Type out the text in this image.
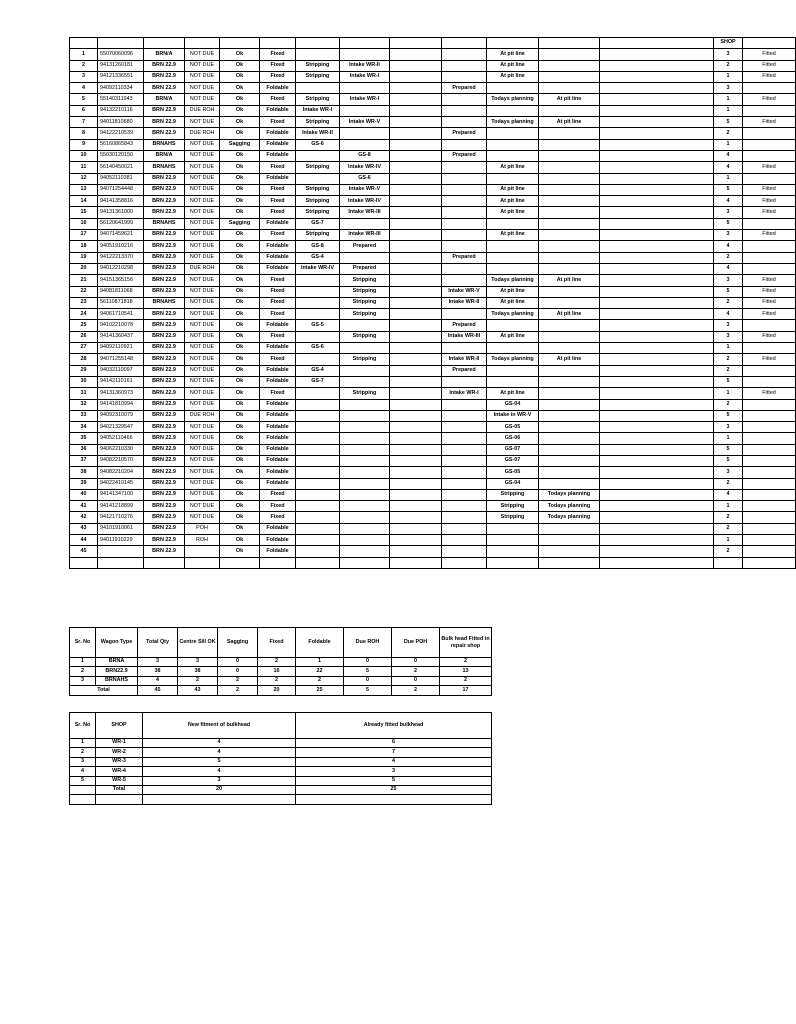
													SHOP	
1	55070060096	BRN/A	NOT DUE	Ok	Fixed					At pit line			3	Fitted
2	94131260181	BRN 22.9	NOT DUE	Ok	Fixed	Stripping	Intake WR-II			At pit line			2	Fitted
3	94121336551	BRN 22.9	NOT DUE	Ok	Fixed	Stripping	Intake WR-I			At pit line			1	Fitted
4	94092110334	BRN 22.9	NOT DUE	Ok	Foldable				Prepared				3	
5	55140311943	BRN/A	NOT DUE	Ok	Fixed	Stripping	Intake WR-I			Todays planning	At pit line		1	Fitted
6	94132210116	BRN 22.9	DUE ROH	Ok	Foldable	Intake WR-I							1	
7	94011810680	BRN 22.9	NOT DUE	Ok	Fixed	Stripping	Intake WR-V			Todays planning	At pit line		5	Fitted
8	94122210539	BRN 22.9	DUE ROH	Ok	Foldable	Intake WR-II			Prepared				2	
9	56160865843	BRNAHS	NOT DUE	Sagging	Foldable	GS-6							1	
10	55030120150	BRN/A	NOT DUE	Ok	Foldable		GS-8		Prepared				4	
11	56140450021	BRNAHS	NOT DUE	Ok	Fixed	Stripping	Intake WR-IV			At pit line			4	Fitted
12	94052110381	BRN 22.9	NOT DUE	Ok	Foldable		GS-6						1	
13	94071254448	BRN 22.9	NOT DUE	Ok	Fixed	Stripping	Intake WR-V			At pit line			5	Fitted
14	94141358816	BRN 22.9	NOT DUE	Ok	Fixed	Stripping	Intake WR-IV			At pit line			4	Fitted
15	94131361000	BRN 22.9	NOT DUE	Ok	Fixed	Stripping	Intake WR-III			At pit line			3	Fitted
16	56120641999	BRNAHS	NOT DUE	Sagging	Foldable	GS-7							5	
17	94071459621	BRN 22.9	NOT DUE	Ok	Fixed	Stripping	Intake WR-III			At pit line			3	Fitted
18	94051910216	BRN 22.9	NOT DUE	Ok	Foldable	GS-8	Prepared						4	
19	94122213370	BRN 22.9	NOT DUE	Ok	Foldable	GS-4			Prepared				2	
20	94012210298	BRN 22.9	DUE ROH	Ok	Foldable	Intake WR-IV	Prepared						4	
21	94151365156	BRN 22.9	NOT DUE	Ok	Fixed		Stripping			Todays planning	At pit line		3	Fitted
22	94081811068	BRN 22.9	NOT DUE	Ok	Fixed		Stripping		Intake WR-V	At pit line			5	Fitted
23	56110871818	BRNAHS	NOT DUE	Ok	Fixed		Stripping		Intake WR-II	At pit line			2	Fitted
24	94061710541	BRN 22.9	NOT DUE	Ok	Fixed		Stripping			Todays planning	At pit line		4	Fitted
25	94102210078	BRN 22.9	NOT DUE	Ok	Foldable	GS-5			Prepared				3	
26	94141360437	BRN 22.9	NOT DUE	Ok	Fixed		Stripping		Intake WR-III	At pit line			3	Fitted
27	94092110921	BRN 22.9	NOT DUE	Ok	Foldable	GS-6							1	
28	94071255148	BRN 22.9	NOT DUE	Ok	Fixed		Stripping		Intake WR-II	Todays planning	At pit line		2	Fitted
29	94032110097	BRN 22.9	NOT DUE	Ok	Foldable	GS-4			Prepared				2	
30	94142110161	BRN 22.9	NOT DUE	Ok	Foldable	GS-7							5	
31	94131360973	BRN 22.9	NOT DUE	Ok	Fixed		Stripping		Intake WR-I	At pit line			1	Fitted
32	94141810994	BRN 22.9	NOT DUE	Ok	Foldable					GS-04			2	
33	94092310079	BRN 22.9	DUE ROH	Ok	Foldable					Intake in WR-V			5	
34	94021329547	BRN 22.9	NOT DUE	Ok	Foldable					GS-05			3	
35	94052110466	BRN 22.9	NOT DUE	Ok	Foldable					GS-06			1	
36	94062210330	BRN 22.9	NOT DUE	Ok	Foldable					GS-07			5	
37	94082210570	BRN 22.9	NOT DUE	Ok	Foldable					GS-07			5	
38	94082210204	BRN 22.9	NOT DUE	Ok	Foldable					GS-05			3	
39	94022410145	BRN 22.9	NOT DUE	Ok	Foldable					GS-04			2	
40	94141347100	BRN 22.9	NOT DUE	Ok	Fixed					Stripping	Todays planning		4	
41	94141218899	BRN 22.9	NOT DUE	Ok	Fixed					Stripping	Todays planning		1	
42	94121710276	BRN 22.9	NOT DUE	Ok	Fixed					Stripping	Todays planning		2	
43	94101910061	BRN 22.9	POH	Ok	Foldable								2	
44	94011910229	BRN 22.9	ROH	Ok	Foldable								1	
45		BRN 22.9		Ok	Foldable								2	

Sr. No	Wagon Type	Total Qty	Centre Sill OK	Sagging	Fixed	Foldable	Due ROH	Due POH	Bulk head Fitted in repair shop
1	BRNA	3	3	0	2	1	0	0	2
2	BRN22.9	38	38	0	16	22	5	2	13
3	BRNAHS	4	2	2	2	2	0	0	2
Total		45	43	2	20	25	5	2	17
Sr. No	SHOP	New fitment of bulkhead	Already fitted bulkhead
1	WR-1	4	6
2	WR-2	4	7
3	WR-3	5	4
4	WR-4	4	3
5	WR-5	3	5
	Total	20	25
